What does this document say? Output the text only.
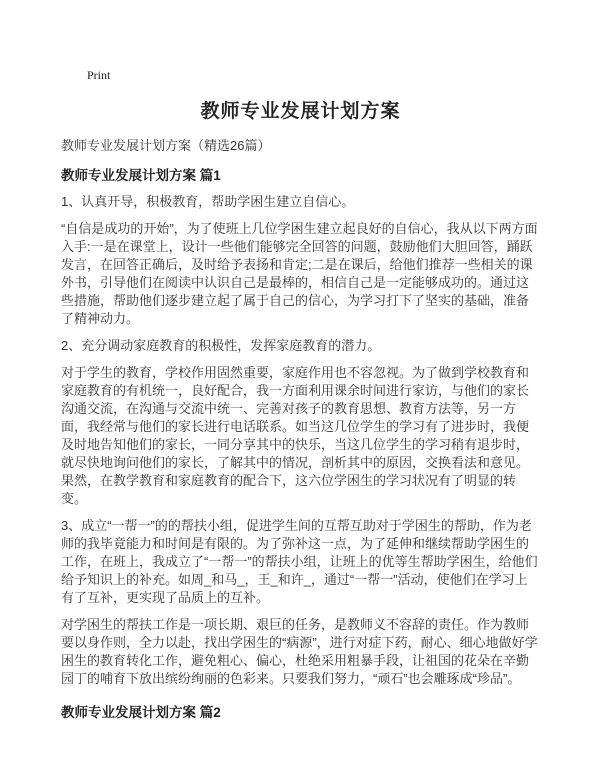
Print
教师专业发展计划方案

教师专业发展计划方案（精选26篇）

教师专业发展计划方案 篇1

1、认真开导，积极教育，帮助学困生建立自信心。

“自信是成功的开始”，为了使班上几位学困生建立起良好的自信心，我从以下两方面入手:一是在课堂上，设计一些他们能够完全回答的问题，鼓励他们大胆回答，踊跃发言，在回答正确后，及时给予表扬和肯定;二是在课后，给他们推荐一些相关的课外书，引导他们在阅读中认识自己是最棒的，相信自己是一定能够成功的。通过这些措施，帮助他们逐步建立起了属于自己的信心，为学习打下了坚实的基础，准备了精神动力。

2、充分调动家庭教育的积极性，发挥家庭教育的潜力。

对于学生的教育，学校作用固然重要，家庭作用也不容忽视。为了做到学校教育和家庭教育的有机统一，良好配合，我一方面利用课余时间进行家访，与他们的家长沟通交流，在沟通与交流中统一、完善对孩子的教育思想、教育方法等，另一方面，我经常与他们的家长进行电话联系。如当这几位学生的学习有了进步时，我便及时地告知他们的家长，一同分享其中的快乐，当这几位学生的学习稍有退步时，就尽快地询问他们的家长，了解其中的情况，剖析其中的原因，交换看法和意见。果然，在教学教育和家庭教育的配合下，这六位学困生的学习状况有了明显的转变。

3、成立“一帮一”的的帮扶小组，促进学生间的互帮互助对于学困生的帮助，作为老师的我毕竟能力和时间是有限的。为了弥补这一点，为了延伸和继续帮助学困生的工作，在班上，我成立了“一帮一”的帮扶小组，让班上的优等生帮助学困生，给他们给予知识上的补充。如周_和马_，王_和许_，通过“一帮一”活动，使他们在学习上有了互补，更实现了品质上的互补。

对学困生的帮扶工作是一项长期、艰巨的任务，是教师义不容辞的责任。作为教师要以身作则，全力以赴，找出学困生的“病源”，进行对症下药，耐心、细心地做好学困生的教育转化工作，避免粗心、偏心，杜绝采用粗暴手段，让祖国的花朵在辛勤园丁的哺育下放出缤纷绚丽的色彩来。只要我们努力，“顽石”也会雕琢成“珍品”。

教师专业发展计划方案 篇2
